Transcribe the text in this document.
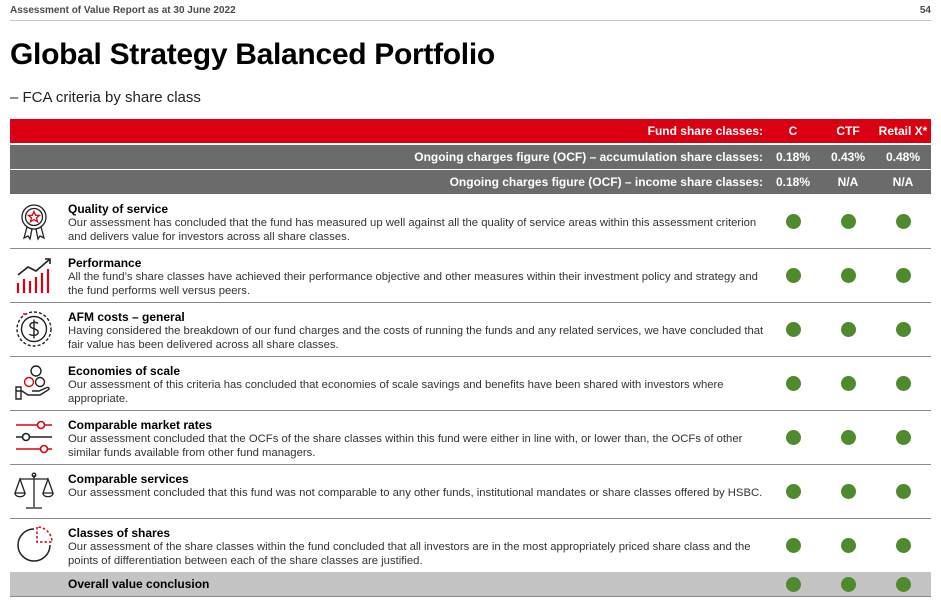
Assessment of Value Report as at 30 June 2022	54
Global Strategy Balanced Portfolio
– FCA criteria by share class
Fund share classes:	C	CTF	Retail X*
Ongoing charges figure (OCF) – accumulation share classes:	0.18%	0.43%	0.48%
Ongoing charges figure (OCF) – income share classes:	0.18%	N/A	N/A
Quality of service
Our assessment has concluded that the fund has measured up well against all the quality of service areas within this assessment criterion and delivers value for investors across all share classes.
Performance
All the fund’s share classes have achieved their performance objective and other measures within their investment policy and strategy and the fund performs well versus peers.
AFM costs – general
Having considered the breakdown of our fund charges and the costs of running the funds and any related services, we have concluded that fair value has been delivered across all share classes.
Economies of scale
Our assessment of this criteria has concluded that economies of scale savings and benefits have been shared with investors where appropriate.
Comparable market rates
Our assessment concluded that the OCFs of the share classes within this fund were either in line with, or lower than, the OCFs of other similar funds available from other fund managers.
Comparable services
Our assessment concluded that this fund was not comparable to any other funds, institutional mandates or share classes offered by HSBC.
Classes of shares
Our assessment of the share classes within the fund concluded that all investors are in the most appropriately priced share class and the points of differentiation between each of the share classes are justified.
Overall value conclusion
